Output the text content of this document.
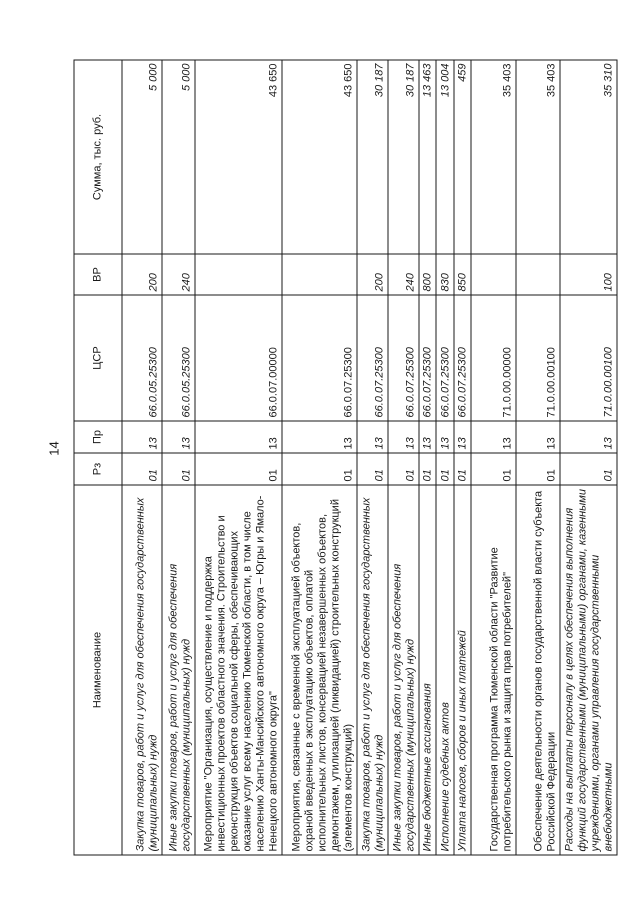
14
Наименование	Рз	Пр	ЦСР	ВР	Сумма, тыс. руб.
Закупка товаров, работ и услуг для обеспечения государственных (муниципальных) нужд	01	13	66.0.05.25300	200	5 000
Иные закупки товаров, работ и услуг для обеспечения государственных (муниципальных) нужд	01	13	66.0.05.25300	240	5 000
Мероприятие "Организация, осуществление и поддержка инвестиционных проектов областного значения. Строительство и реконструкция объектов социальной сферы, обеспечивающих оказание услуг всему населению Тюменской области, в том числе населению Ханты-Мансийского автономного округа – Югры и Ямало-Ненецкого автономного округа"	01	13	66.0.07.00000		43 650
Мероприятия, связанные с временной эксплуатацией объектов, охраной введенных в эксплуатацию объектов, оплатой исполнительных листов, консервацией незавершенных объектов, демонтажем, утилизацией (ликвидацией) строительных конструкций (элементов конструкций)	01	13	66.0.07.25300		43 650
Закупка товаров, работ и услуг для обеспечения государственных (муниципальных) нужд	01	13	66.0.07.25300	200	30 187
Иные закупки товаров, работ и услуг для обеспечения государственных (муниципальных) нужд	01	13	66.0.07.25300	240	30 187
Иные бюджетные ассигнования	01	13	66.0.07.25300	800	13 463
Исполнение судебных актов	01	13	66.0.07.25300	830	13 004
Уплата налогов, сборов и иных платежей	01	13	66.0.07.25300	850	459
Государственная программа Тюменской области "Развитие потребительского рынка и защита прав потребителей"	01	13	71.0.00.00000		35 403
Обеспечение деятельности органов государственной власти субъекта Российской Федерации	01	13	71.0.00.00100		35 403
Расходы на выплаты персоналу в целях обеспечения выполнения функций государственными (муниципальными) органами, казенными учреждениями, органами управления государственными внебюджетными	01	13	71.0.00.00100	100	35 310
